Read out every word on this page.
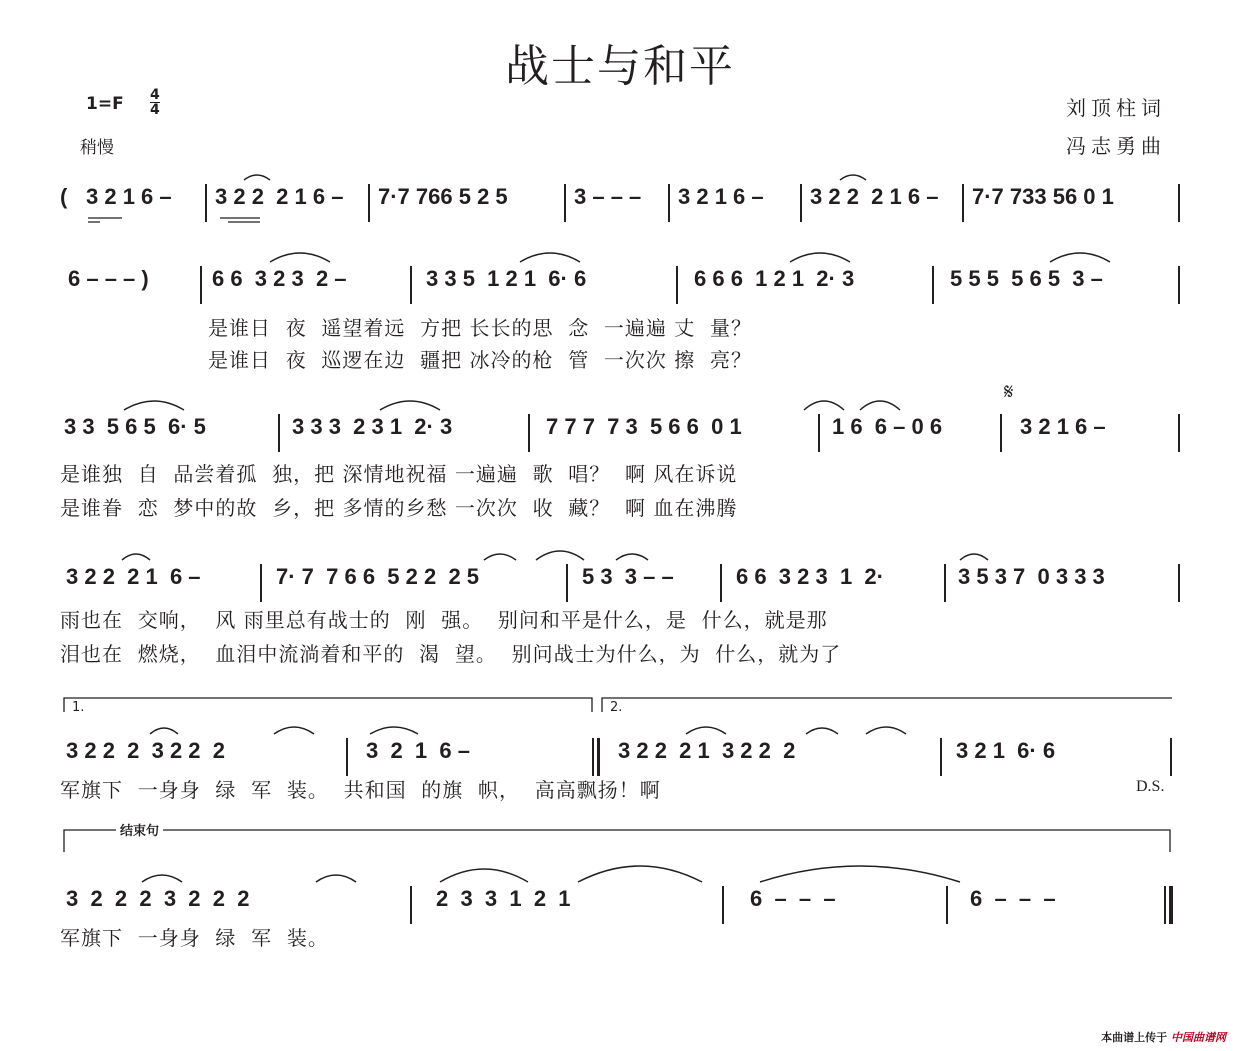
战士与和平
1=F 4
4
稍慢
刘顶柱词
冯志勇曲
( 3 2 1 6 – 3 2 2  2 1 6 – 7·7 766 5 2 5	3 – – – 3 2 1 6 – 3 2 2  2 1 6 – 7·7 733 56 0 1
6 – – – )	6 6  3 2 3  2 –	3 3 5  1 2 1  6· 6	6 6 6  1 2 1  2· 3	5 5 5  5 6 5  3 –
是谁日  夜  遥望着远  方把 长长的思  念  一遍遍 丈  量？
是谁日  夜  巡逻在边  疆把 冰冷的枪  管  一次次 擦  亮？
3 3  5 6 5  6· 5	3 3 3  2 3 1  2· 3	7 7 7  7 3  5 6 6  0 1	1 6  6 – 0 6	3 2 1 6 –
𝄋
是谁独  自  品尝着孤  独，把 深情地祝福 一遍遍  歌  唱？  啊 风在诉说
是谁眷  恋  梦中的故  乡，把 多情的乡愁 一次次  收  藏？  啊 血在沸腾
3 2 2  2 1  6 –	7· 7  7 6 6  5 2 2  2 5	5 3  3 – –	6 6  3 2 3  1  2·	3 5 3 7  0 3 3 3
雨也在  交响，  风 雨里总有战士的  刚  强。  别问和平是什么，是  什么，就是那
泪也在  燃烧，  血泪中流淌着和平的  渴  望。  别问战士为什么，为  什么，就为了
1.	2.
3 2 2  2  3 2 2  2	3  2  1  6 –	3 2 2  2 1  3 2 2  2	3 2 1  6· 6
军旗下  一身身  绿  军  装。  共和国  的旗  帜，  高高飘扬！啊	D.S.
结束句
3  2  2  2  3  2  2  2	2  3  3  1  2  1	6  –  –  –	6  –  –  –
军旗下  一身身  绿  军  装。
本曲谱上传于 中国曲谱网
